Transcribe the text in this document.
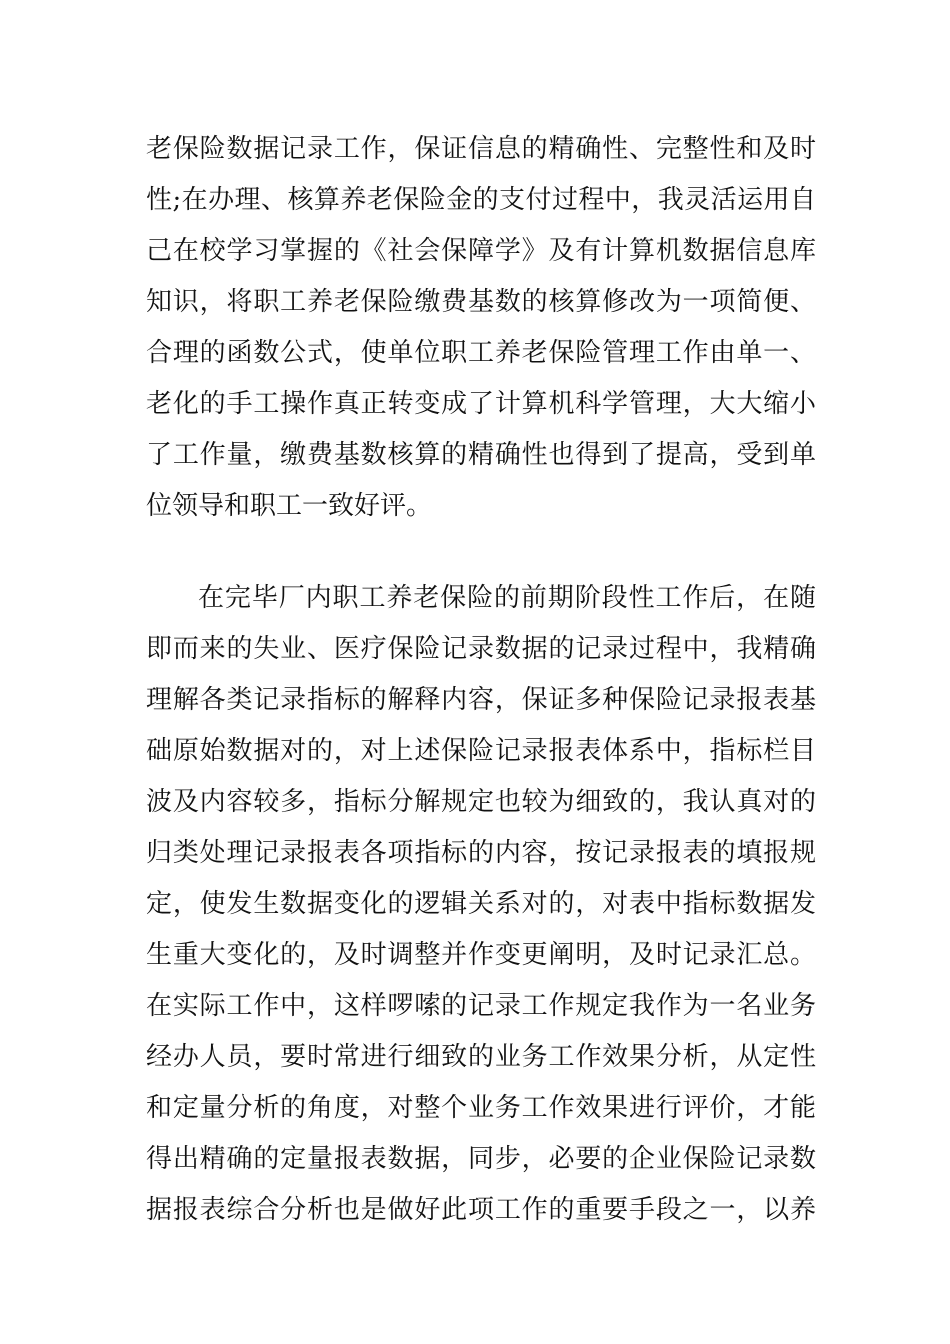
老保险数据记录工作，保证信息的精确性、完整性和及时
性;在办理、核算养老保险金的支付过程中，我灵活运用自
己在校学习掌握的《社会保障学》及有计算机数据信息库
知识，将职工养老保险缴费基数的核算修改为一项简便、
合理的函数公式，使单位职工养老保险管理工作由单一、
老化的手工操作真正转变成了计算机科学管理，大大缩小
了工作量，缴费基数核算的精确性也得到了提高，受到单
位领导和职工一致好评。
在完毕厂内职工养老保险的前期阶段性工作后，在随
即而来的失业、医疗保险记录数据的记录过程中，我精确
理解各类记录指标的解释内容，保证多种保险记录报表基
础原始数据对的，对上述保险记录报表体系中，指标栏目
波及内容较多，指标分解规定也较为细致的，我认真对的
归类处理记录报表各项指标的内容，按记录报表的填报规
定，使发生数据变化的逻辑关系对的，对表中指标数据发
生重大变化的，及时调整并作变更阐明，及时记录汇总。
在实际工作中，这样啰嗦的记录工作规定我作为一名业务
经办人员，要时常进行细致的业务工作效果分析，从定性
和定量分析的角度，对整个业务工作效果进行评价，才能
得出精确的定量报表数据，同步，必要的企业保险记录数
据报表综合分析也是做好此项工作的重要手段之一，以养
